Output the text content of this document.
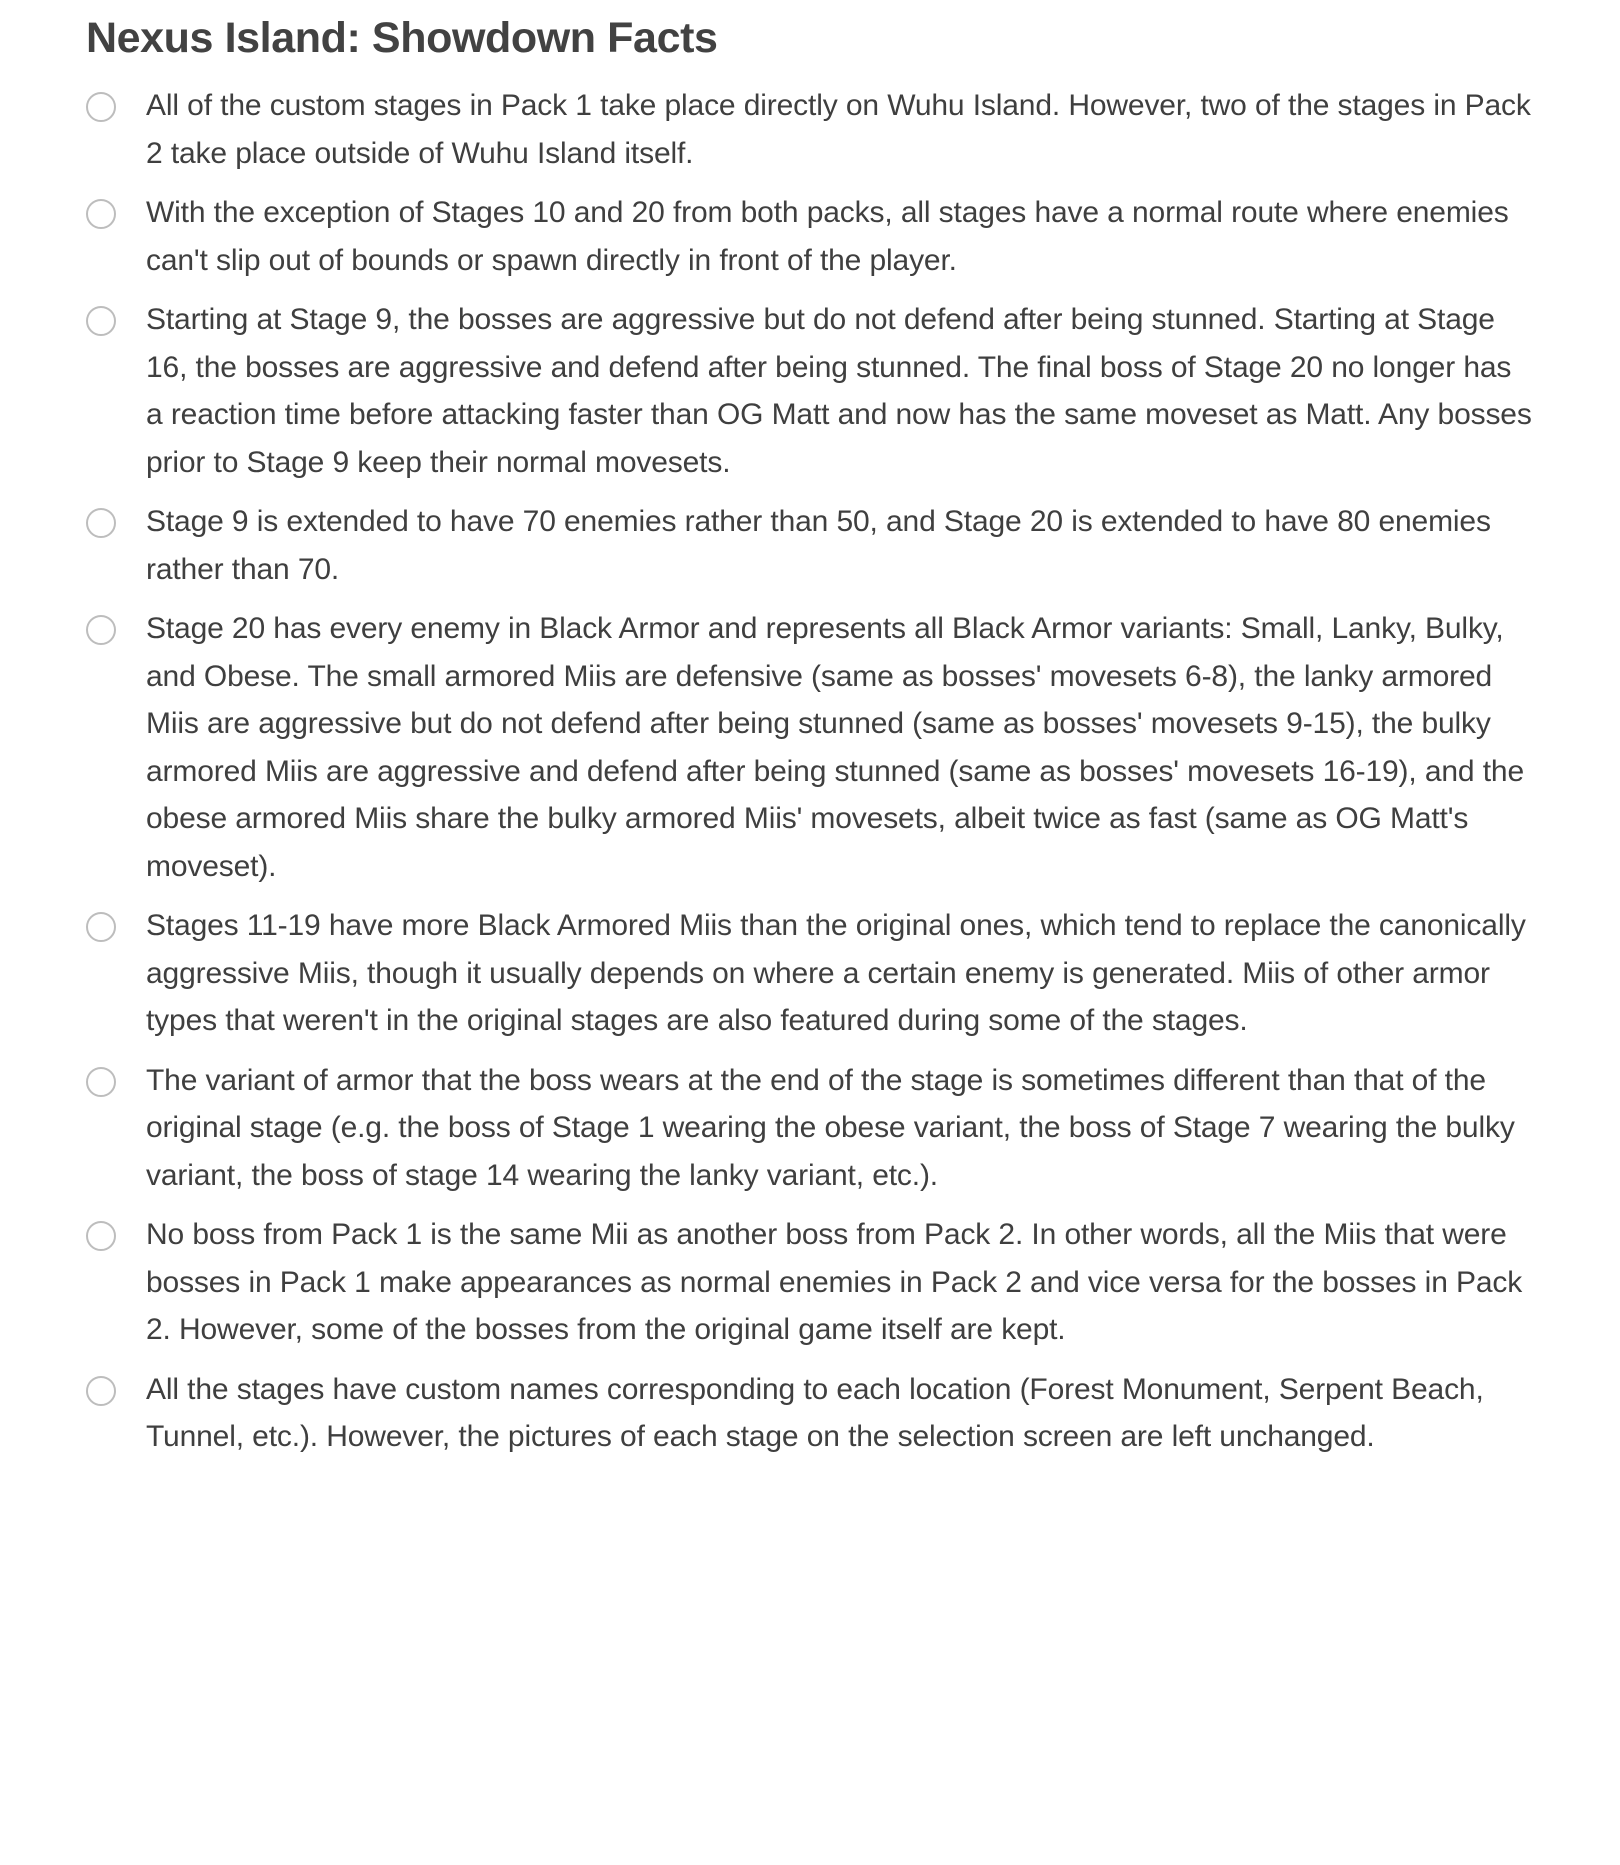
Nexus Island: Showdown Facts
All of the custom stages in Pack 1 take place directly on Wuhu Island. However, two of the stages in Pack 2 take place outside of Wuhu Island itself.
With the exception of Stages 10 and 20 from both packs, all stages have a normal route where enemies can't slip out of bounds or spawn directly in front of the player.
Starting at Stage 9, the bosses are aggressive but do not defend after being stunned. Starting at Stage 16, the bosses are aggressive and defend after being stunned. The final boss of Stage 20 no longer has a reaction time before attacking faster than OG Matt and now has the same moveset as Matt. Any bosses prior to Stage 9 keep their normal movesets.
Stage 9 is extended to have 70 enemies rather than 50, and Stage 20 is extended to have 80 enemies rather than 70.
Stage 20 has every enemy in Black Armor and represents all Black Armor variants: Small, Lanky, Bulky, and Obese. The small armored Miis are defensive (same as bosses' movesets 6-8), the lanky armored Miis are aggressive but do not defend after being stunned (same as bosses' movesets 9-15), the bulky armored Miis are aggressive and defend after being stunned (same as bosses' movesets 16-19), and the obese armored Miis share the bulky armored Miis' movesets, albeit twice as fast (same as OG Matt's moveset).
Stages 11-19 have more Black Armored Miis than the original ones, which tend to replace the canonically aggressive Miis, though it usually depends on where a certain enemy is generated. Miis of other armor types that weren't in the original stages are also featured during some of the stages.
The variant of armor that the boss wears at the end of the stage is sometimes different than that of the original stage (e.g. the boss of Stage 1 wearing the obese variant, the boss of Stage 7 wearing the bulky variant, the boss of stage 14 wearing the lanky variant, etc.).
No boss from Pack 1 is the same Mii as another boss from Pack 2. In other words, all the Miis that were bosses in Pack 1 make appearances as normal enemies in Pack 2 and vice versa for the bosses in Pack 2. However, some of the bosses from the original game itself are kept.
All the stages have custom names corresponding to each location (Forest Monument, Serpent Beach, Tunnel, etc.). However, the pictures of each stage on the selection screen are left unchanged.
